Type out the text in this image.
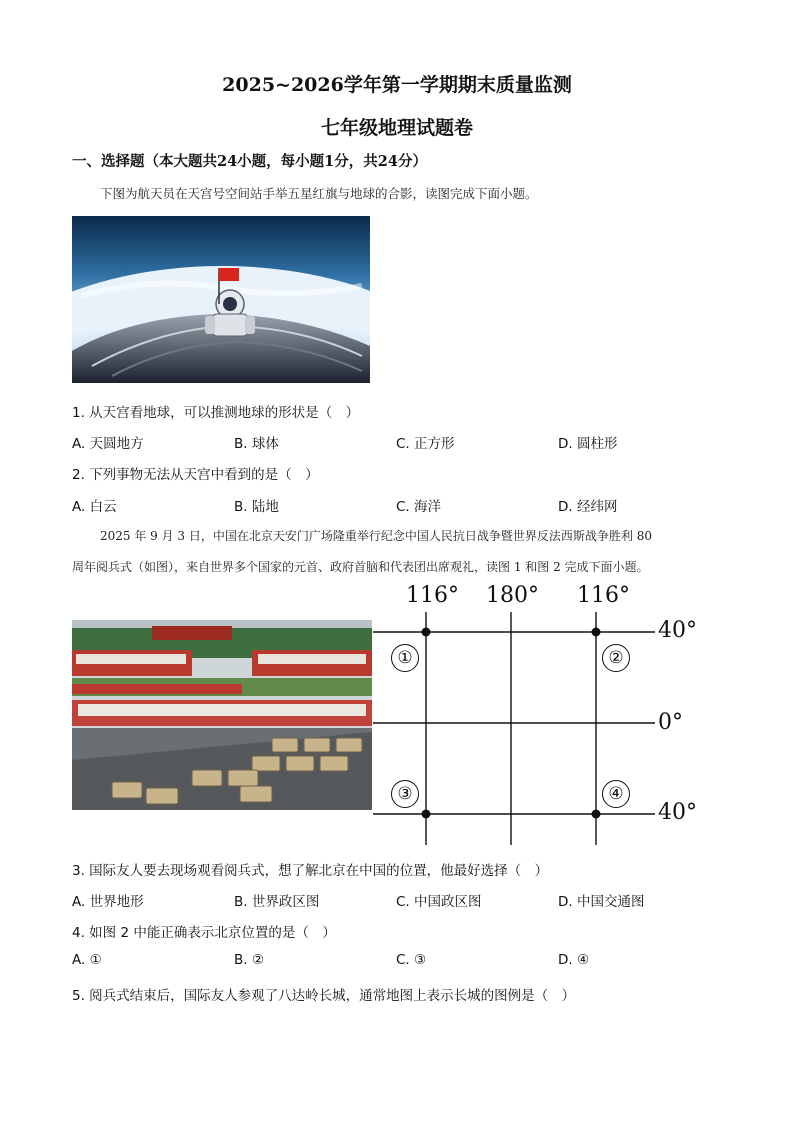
2025~2026学年第一学期期末质量监测
七年级地理试题卷
一、选择题（本大题共24小题，每小题1分，共24分）
下图为航天员在天宫号空间站手举五星红旗与地球的合影，读图完成下面小题。
1. 从天宫看地球，可以推测地球的形状是（　）
A. 天圆地方	B. 球体	C. 正方形	D. 圆柱形
2. 下列事物无法从天宫中看到的是（　）
A. 白云	B. 陆地	C. 海洋	D. 经纬网
2025 年 9 月 3 日，中国在北京天安门广场隆重举行纪念中国人民抗日战争暨世界反法西斯战争胜利 80
周年阅兵式（如图），来自世界多个国家的元首、政府首脑和代表团出席观礼，读图 1 和图 2 完成下面小题。
116° 180° 116°
40°
0°
40°
①	②
③	④
3. 国际友人要去现场观看阅兵式，想了解北京在中国的位置，他最好选择（　）
A. 世界地形	B. 世界政区图	C. 中国政区图	D. 中国交通图
4. 如图 2 中能正确表示北京位置的是（　）
A. ①	B. ②	C. ③	D. ④
5. 阅兵式结束后，国际友人参观了八达岭长城，通常地图上表示长城的图例是（　）
